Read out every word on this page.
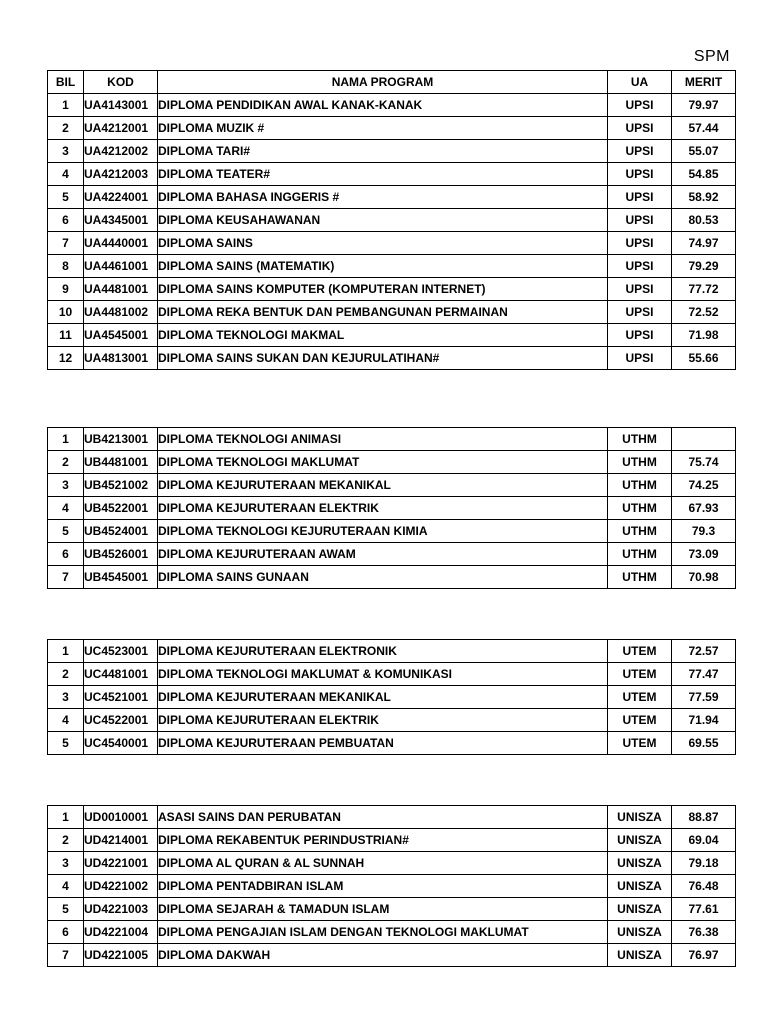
SPM
BIL	KOD	NAMA PROGRAM	UA	MERIT
1	UA4143001	DIPLOMA PENDIDIKAN AWAL KANAK-KANAK	UPSI	79.97
2	UA4212001	DIPLOMA MUZIK #	UPSI	57.44
3	UA4212002	DIPLOMA TARI#	UPSI	55.07
4	UA4212003	DIPLOMA TEATER#	UPSI	54.85
5	UA4224001	DIPLOMA BAHASA INGGERIS #	UPSI	58.92
6	UA4345001	DIPLOMA KEUSAHAWANAN	UPSI	80.53
7	UA4440001	DIPLOMA SAINS	UPSI	74.97
8	UA4461001	DIPLOMA SAINS (MATEMATIK)	UPSI	79.29
9	UA4481001	DIPLOMA SAINS KOMPUTER (KOMPUTERAN INTERNET)	UPSI	77.72
10	UA4481002	DIPLOMA REKA BENTUK DAN PEMBANGUNAN PERMAINAN	UPSI	72.52
11	UA4545001	DIPLOMA TEKNOLOGI MAKMAL	UPSI	71.98
12	UA4813001	DIPLOMA SAINS SUKAN DAN KEJURULATIHAN#	UPSI	55.66
1	UB4213001	DIPLOMA TEKNOLOGI ANIMASI	UTHM	
2	UB4481001	DIPLOMA TEKNOLOGI MAKLUMAT	UTHM	75.74
3	UB4521002	DIPLOMA KEJURUTERAAN MEKANIKAL	UTHM	74.25
4	UB4522001	DIPLOMA KEJURUTERAAN ELEKTRIK	UTHM	67.93
5	UB4524001	DIPLOMA TEKNOLOGI KEJURUTERAAN KIMIA	UTHM	79.3
6	UB4526001	DIPLOMA KEJURUTERAAN AWAM	UTHM	73.09
7	UB4545001	DIPLOMA SAINS GUNAAN	UTHM	70.98
1	UC4523001	DIPLOMA KEJURUTERAAN ELEKTRONIK	UTEM	72.57
2	UC4481001	DIPLOMA TEKNOLOGI MAKLUMAT & KOMUNIKASI	UTEM	77.47
3	UC4521001	DIPLOMA KEJURUTERAAN MEKANIKAL	UTEM	77.59
4	UC4522001	DIPLOMA KEJURUTERAAN ELEKTRIK	UTEM	71.94
5	UC4540001	DIPLOMA KEJURUTERAAN PEMBUATAN	UTEM	69.55
1	UD0010001	ASASI SAINS DAN PERUBATAN	UNISZA	88.87
2	UD4214001	DIPLOMA REKABENTUK PERINDUSTRIAN#	UNISZA	69.04
3	UD4221001	DIPLOMA AL QURAN & AL SUNNAH	UNISZA	79.18
4	UD4221002	DIPLOMA PENTADBIRAN ISLAM	UNISZA	76.48
5	UD4221003	DIPLOMA SEJARAH & TAMADUN ISLAM	UNISZA	77.61
6	UD4221004	DIPLOMA PENGAJIAN ISLAM DENGAN TEKNOLOGI MAKLUMAT	UNISZA	76.38
7	UD4221005	DIPLOMA DAKWAH	UNISZA	76.97
